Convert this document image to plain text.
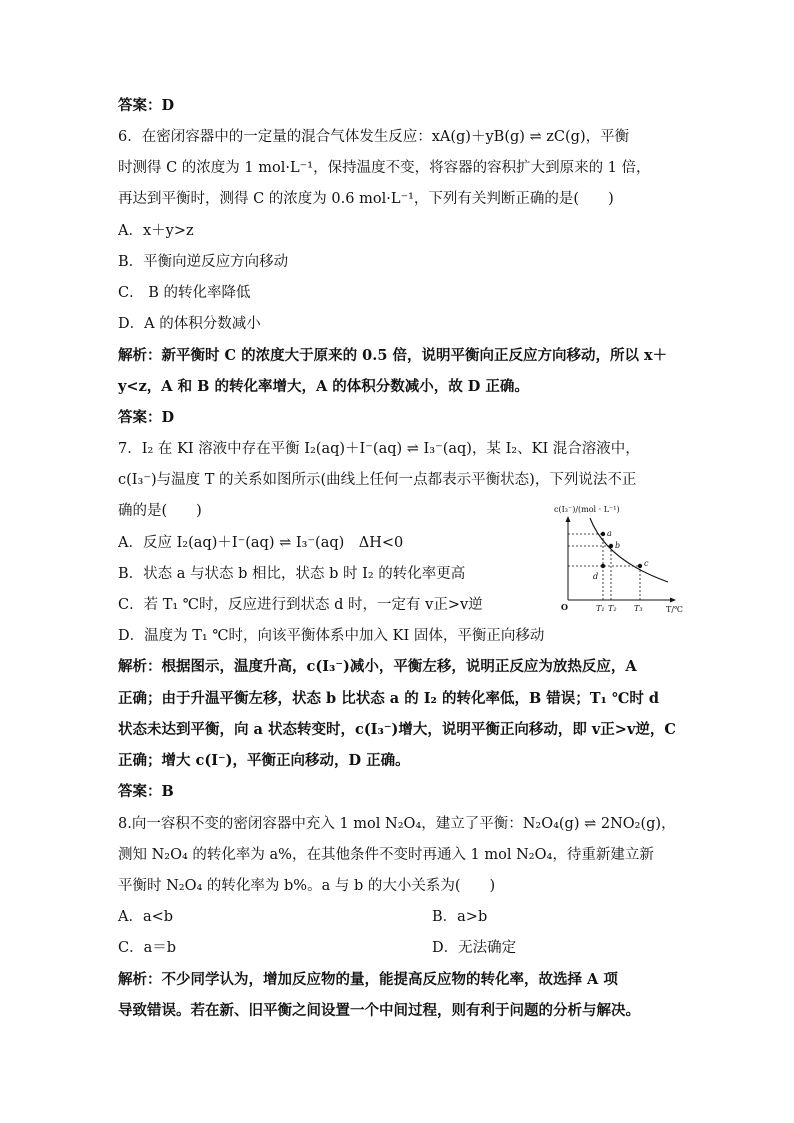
答案：D
6．在密闭容器中的一定量的混合气体发生反应：xA(g)＋yB(g) ⇌ zC(g)，平衡
时测得 C 的浓度为 1 mol·L⁻¹，保持温度不变，将容器的容积扩大到原来的 1 倍，
再达到平衡时，测得 C 的浓度为 0.6 mol·L⁻¹，下列有关判断正确的是(　　)
A．x＋y>z
B．平衡向逆反应方向移动
C． B 的转化率降低
D．A 的体积分数减小
解析：新平衡时 C 的浓度大于原来的 0.5 倍，说明平衡向正反应方向移动，所以 x＋
y<z，A 和 B 的转化率增大，A 的体积分数减小，故 D 正确。
答案：D
7．I₂ 在 KI 溶液中存在平衡 I₂(aq)＋I⁻(aq) ⇌ I₃⁻(aq)，某 I₂、KI 混合溶液中，
c(I₃⁻)与温度 T 的关系如图所示(曲线上任何一点都表示平衡状态)，下列说法不正
确的是(　　)
A．反应 I₂(aq)＋I⁻(aq) ⇌ I₃⁻(aq)　ΔH<0
B．状态 a 与状态 b 相比，状态 b 时 I₂ 的转化率更高
C．若 T₁ ℃时，反应进行到状态 d 时，一定有 v正>v逆
D．温度为 T₁ ℃时，向该平衡体系中加入 KI 固体，平衡正向移动
解析：根据图示，温度升高，c(I₃⁻)减小，平衡左移，说明正反应为放热反应，A
正确；由于升温平衡左移，状态 b 比状态 a 的 I₂ 的转化率低，B 错误；T₁ ℃时 d
状态未达到平衡，向 a 状态转变时，c(I₃⁻)增大，说明平衡正向移动，即 v正>v逆，C
正确；增大 c(I⁻)，平衡正向移动，D 正确。
答案：B
8.向一容积不变的密闭容器中充入 1 mol N₂O₄，建立了平衡：N₂O₄(g) ⇌ 2NO₂(g)，
测知 N₂O₄ 的转化率为 a%，在其他条件不变时再通入 1 mol N₂O₄，待重新建立新
平衡时 N₂O₄ 的转化率为 b%。a 与 b 的大小关系为(　　)
A．a<b	B．a>b
C．a＝b	D．无法确定
解析：不少同学认为，增加反应物的量，能提高反应物的转化率，故选择 A 项
导致错误。若在新、旧平衡之间设置一个中间过程，则有利于问题的分析与解决。
c(I₃⁻)/(mol · L⁻¹)
T/℃
O
a
b
c
d
T₁ T₂ T₃
